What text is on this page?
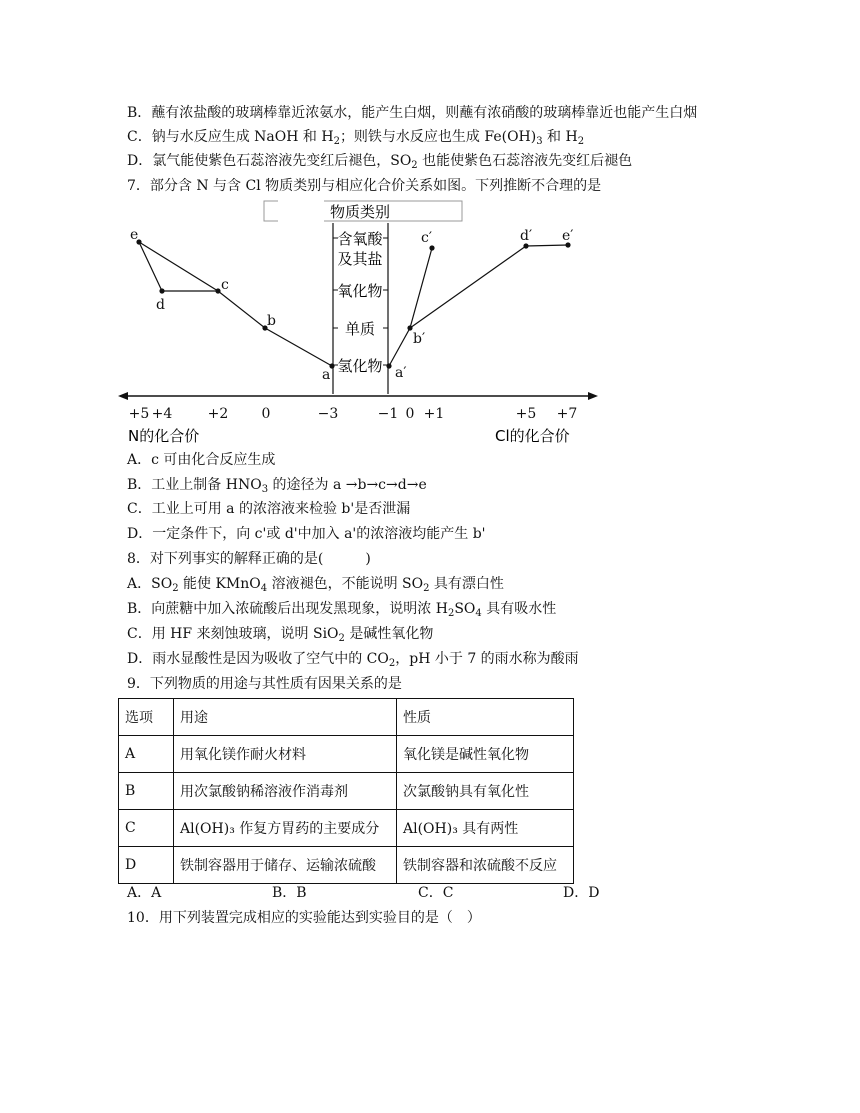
B．蘸有浓盐酸的玻璃棒靠近浓氨水，能产生白烟，则蘸有浓硝酸的玻璃棒靠近也能产生白烟
C．钠与水反应生成 NaOH 和 $H_2$；则铁与水反应也生成 $Fe(OH)_3$ 和 $H_2$
D．氯气能使紫色石蕊溶液先变红后褪色，$SO_2$ 也能使紫色石蕊溶液先变红后褪色
7．部分含 N 与含 Cl 物质类别与相应化合价关系如图。下列推断不合理的是
物质类别
含氧酸
及其盐
氧化物
单质
氢化物
e
d
c
b
a	a′
b′
c′	d′ e′
+5 +4	+2 0	−3	−1 0 +1	+5 +7
N的化合价	Cl的化合价
A．c 可由化合反应生成
B．工业上制备 $HNO_3$ 的途径为 a →b→c→d→e
C．工业上可用 a 的浓溶液来检验 b'是否泄漏
D．一定条件下，向 c'或 d'中加入 a'的浓溶液均能产生 b'
8．对下列事实的解释正确的是(　　　)
A．$SO_2$ 能使 KMnO$_4$ 溶液褪色，不能说明 $SO_2$ 具有漂白性
B．向蔗糖中加入浓硫酸后出现发黑现象，说明浓 $H_2SO_4$ 具有吸水性
C．用 HF 来刻蚀玻璃，说明 SiO$_2$ 是碱性氧化物
D．雨水显酸性是因为吸收了空气中的 $CO_2$，pH 小于 7 的雨水称为酸雨
9．下列物质的用途与其性质有因果关系的是
选项	用途	性质
A	用氧化镁作耐火材料	氧化镁是碱性氧化物
B	用次氯酸钠稀溶液作消毒剂	次氯酸钠具有氧化性
C	Al(OH)₃ 作复方胃药的主要成分	Al(OH)₃ 具有两性
D	铁制容器用于储存、运输浓硫酸	铁制容器和浓硫酸不反应
A．A	B．B	C．C	D．D
10．用下列装置完成相应的实验能达到实验目的是（　）
